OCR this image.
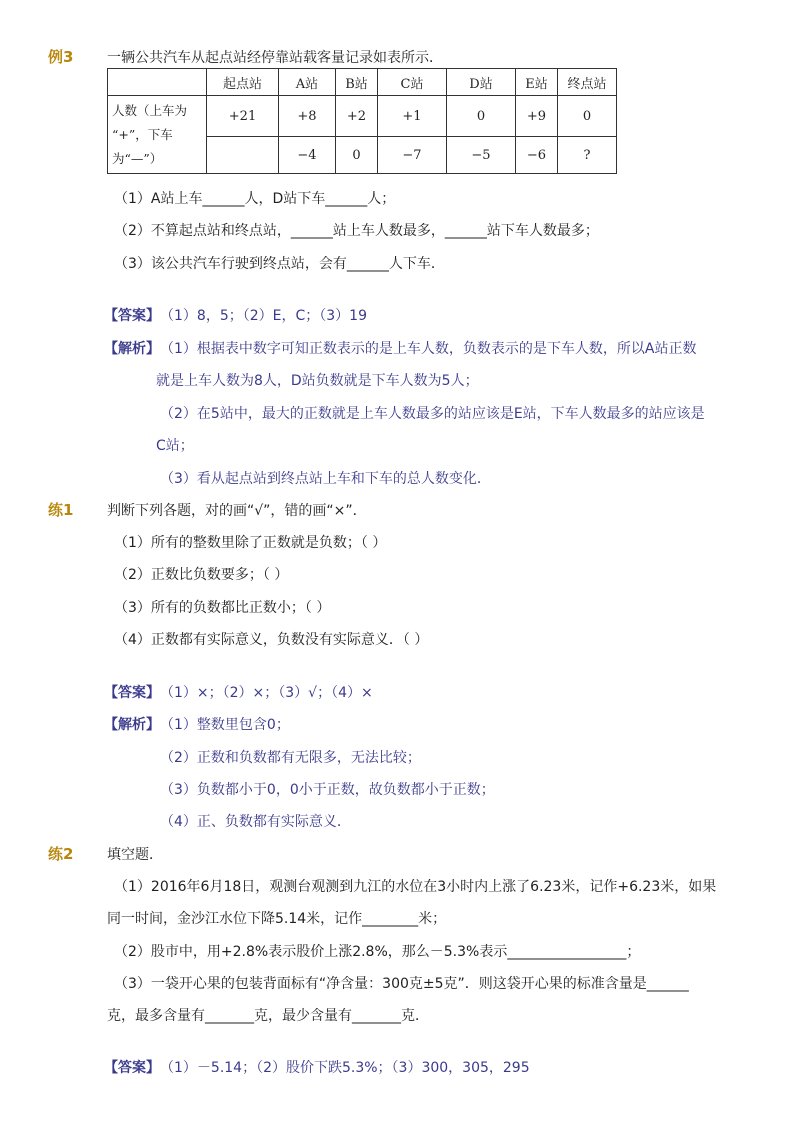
例3 一辆公共汽车从起点站经停靠站载客量记录如表所示．
	起点站	A站	B站	C站	D站	E站	终点站

人数（上车为
“+”，下车
为“—”）	+21	+8	+2	+1	0	+9	0
		−4	0	−7	−5	−6	?
（1）A站上车______人，D站下车______人；
（2）不算起点站和终点站，______站上车人数最多，______站下车人数最多；
（3）该公共汽车行驶到终点站，会有______人下车．
【答案】 （1）8，5；（2）E，C；（3）19
【解析】 （1）根据表中数字可知正数表示的是上车人数，负数表示的是下车人数，所以A站正数
就是上车人数为8人，D站负数就是下车人数为5人；
（2）在5站中，最大的正数就是上车人数最多的站应该是E站，下车人数最多的站应该是
C站；
（3）看从起点站到终点站上车和下车的总人数变化．
练1 判断下列各题，对的画“√”，错的画“×”．
（1）所有的整数里除了正数就是负数；（ ）
（2）正数比负数要多；（ ）
（3）所有的负数都比正数小；（ ）
（4）正数都有实际意义，负数没有实际意义．（ ）
【答案】 （1）×；（2）×；（3）√；（4）×
【解析】 （1）整数里包含0；
（2）正数和负数都有无限多，无法比较；
（3）负数都小于0，0小于正数，故负数都小于正数；
（4）正、负数都有实际意义．
练2 填空题．
（1）2016年6月18日，观测台观测到九江的水位在3小时内上涨了6.23米，记作+6.23米，如果
同一时间，金沙江水位下降5.14米，记作________米；
（2）股市中，用+2.8%表示股价上涨2.8%，那么－5.3%表示_________________；
（3）一袋开心果的包装背面标有“净含量：300克±5克”．则这袋开心果的标准含量是______
克，最多含量有_______克，最少含量有_______克．
【答案】 （1）－5.14；（2）股价下跌5.3%；（3）300，305，295
